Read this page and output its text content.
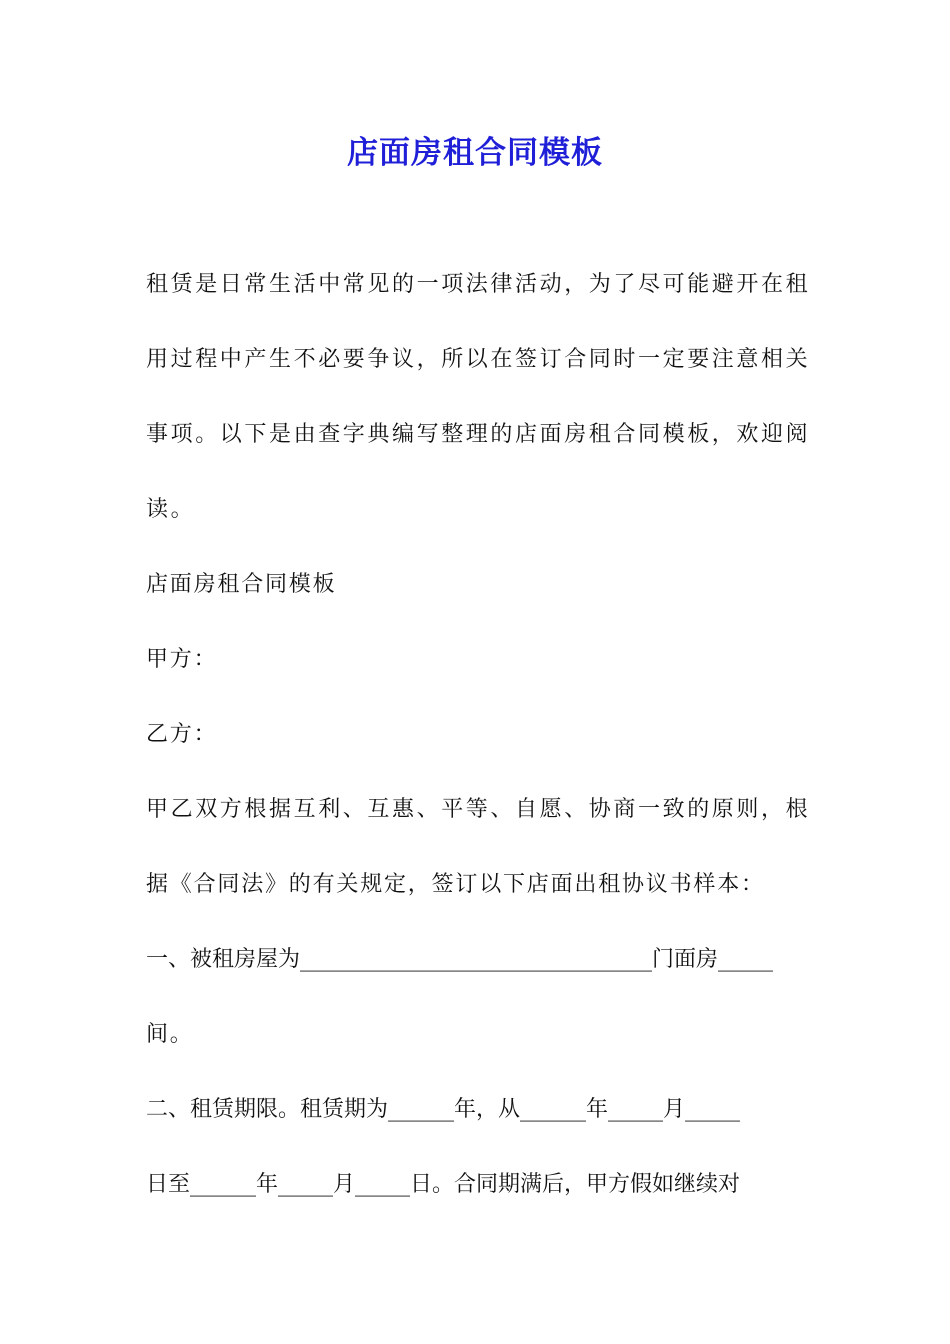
店面房租合同模板
租赁是日常生活中常见的一项法律活动，为了尽可能避开在租
用过程中产生不必要争议，所以在签订合同时一定要注意相关
事项。以下是由查字典编写整理的店面房租合同模板，欢迎阅
读。
店面房租合同模板
甲方：
乙方：
甲乙双方根据互利、互惠、平等、自愿、协商一致的原则，根
据《合同法》的有关规定，签订以下店面出租协议书样本：
一、被租房屋为________________________________门面房_____
间。
二、租赁期限。租赁期为______年，从______年_____月_____
日至______年_____月_____日。合同期满后，甲方假如继续对
